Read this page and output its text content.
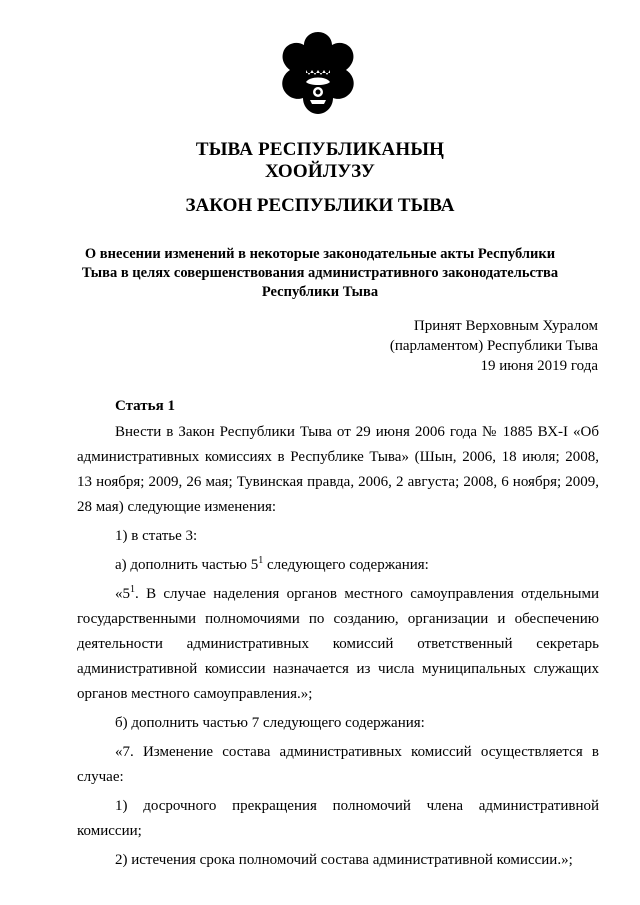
ТЫВА РЕСПУБЛИКАНЫҢ
ХООЙЛУЗУ
ЗАКОН РЕСПУБЛИКИ ТЫВА
О внесении изменений в некоторые законодательные акты Республики
Тыва в целях совершенствования административного законодательства
Республики Тыва
Принят Верховным Хуралом
(парламентом) Республики Тыва
19 июня 2019 года
Статья 1

Внести в Закон Республики Тыва от 29 июня 2006 года № 1885 ВХ-I «Об административных комиссиях в Республике Тыва» (Шын, 2006, 18 июля; 2008, 13 ноября; 2009, 26 мая; Тувинская правда, 2006, 2 августа; 2008, 6 ноября; 2009, 28 мая) следующие изменения:

1) в статье 3:

а) дополнить частью $5^1$ следующего содержания:

«$5^1$. В случае наделения органов местного самоуправления отдельными государственными полномочиями по созданию, организации и обеспечению деятельности административных комиссий ответственный секретарь административной комиссии назначается из числа муниципальных служащих органов местного самоуправления.»;

б) дополнить частью 7 следующего содержания:

«7. Изменение состава административных комиссий осуществляется в случае:

1) досрочного прекращения полномочий члена административной комиссии;

2) истечения срока полномочий состава административной комиссии.»;
